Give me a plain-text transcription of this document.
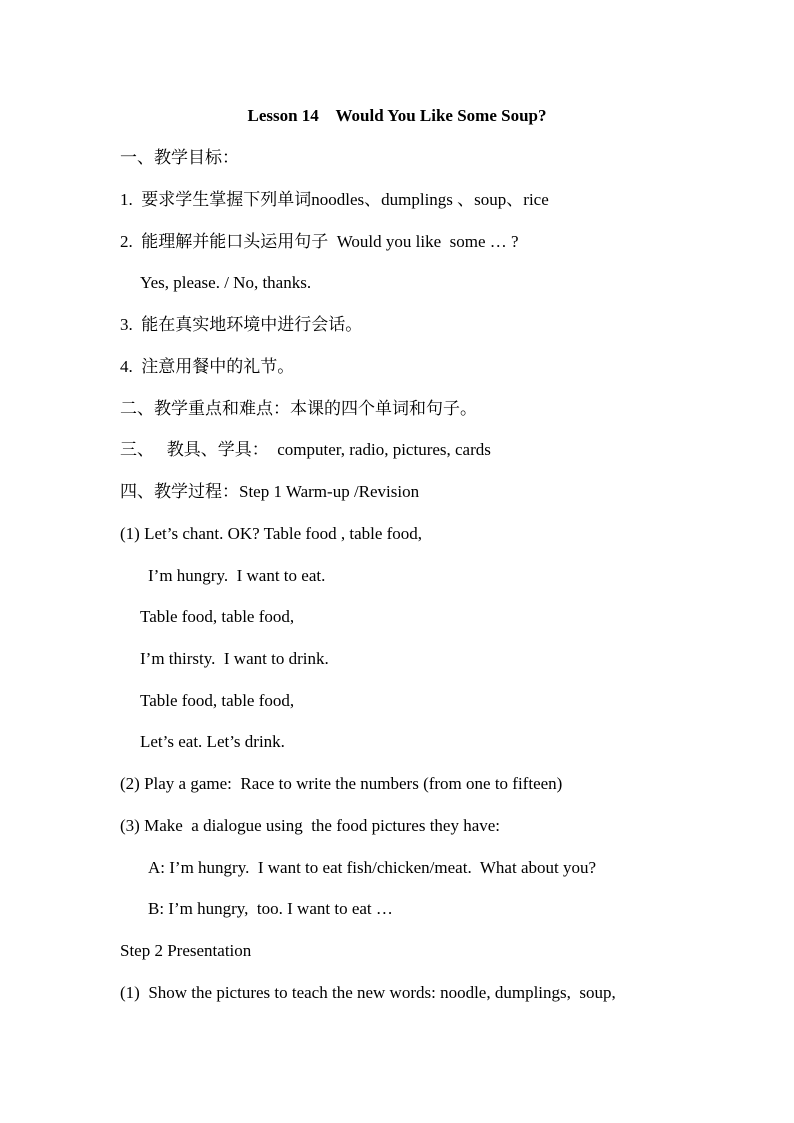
Lesson 14    Would You Like Some Soup?
一、教学目标：
1.  要求学生掌握下列单词noodles、dumplings 、soup、rice
2.  能理解并能口头运用句子  Would you like  some … ?
Yes, please. / No, thanks.
3.  能在真实地环境中进行会话。
4.  注意用餐中的礼节。
二、教学重点和难点：本课的四个单词和句子。
三、   教具、学具：  computer, radio, pictures, cards
四、教学过程：Step 1 Warm-up /Revision
(1) Let’s chant. OK? Table food , table food,
I’m hungry.  I want to eat.
Table food, table food,
I’m thirsty.  I want to drink.
Table food, table food,
Let’s eat. Let’s drink.
(2) Play a game:  Race to write the numbers (from one to fifteen)
(3) Make  a dialogue using  the food pictures they have:
A: I’m hungry.  I want to eat fish/chicken/meat.  What about you?
B: I’m hungry,  too. I want to eat …
Step 2 Presentation
(1)  Show the pictures to teach the new words: noodle, dumplings,  soup,
